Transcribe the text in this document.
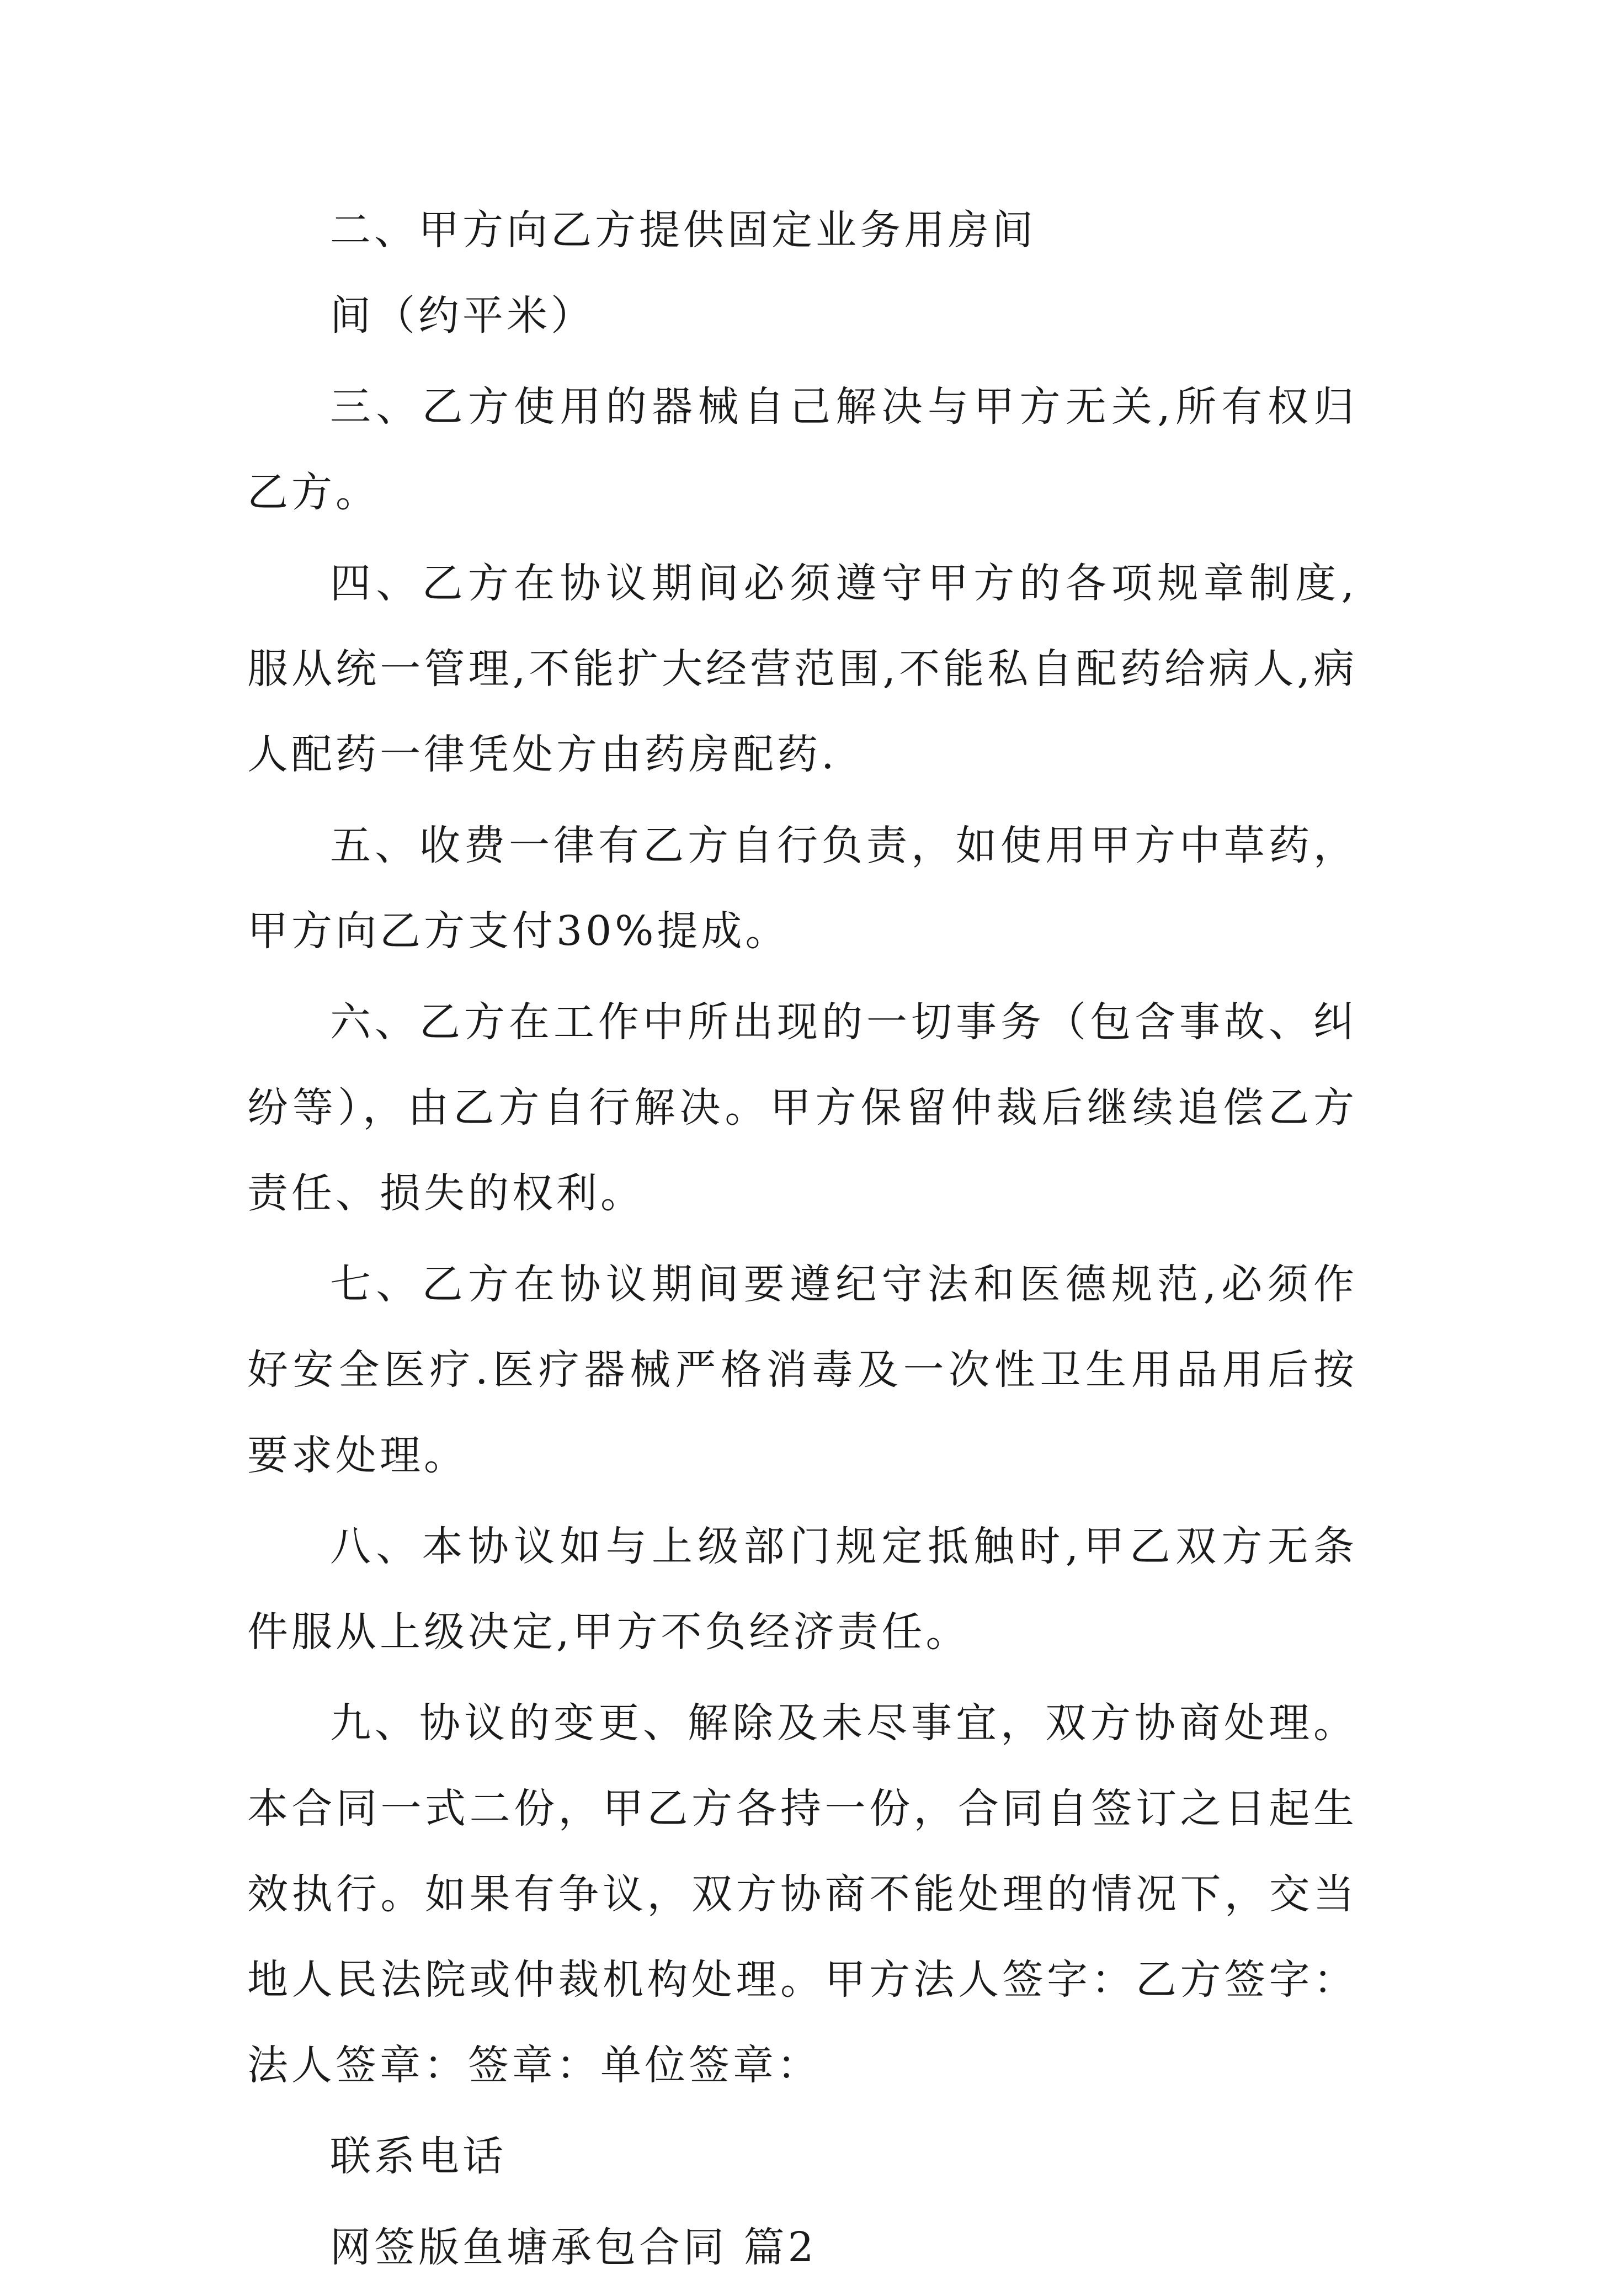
二、甲方向乙方提供固定业务用房间

间（约平米）

三、乙方使用的器械自己解决与甲方无关,所有权归乙方。

四、乙方在协议期间必须遵守甲方的各项规章制度,服从统一管理,不能扩大经营范围,不能私自配药给病人,病人配药一律凭处方由药房配药.

五、收费一律有乙方自行负责，如使用甲方中草药，甲方向乙方支付30%提成。

六、乙方在工作中所出现的一切事务（包含事故、纠纷等），由乙方自行解决。甲方保留仲裁后继续追偿乙方责任、损失的权利。

七、乙方在协议期间要遵纪守法和医德规范,必须作好安全医疗.医疗器械严格消毒及一次性卫生用品用后按要求处理。

八、本协议如与上级部门规定抵触时,甲乙双方无条件服从上级决定,甲方不负经济责任。

九、协议的变更、解除及未尽事宜，双方协商处理。本合同一式二份，甲乙方各持一份，合同自签订之日起生效执行。如果有争议，双方协商不能处理的情况下，交当地人民法院或仲裁机构处理。甲方法人签字：乙方签字：法人签章：签章：单位签章：

联系电话

网签版鱼塘承包合同 篇2
